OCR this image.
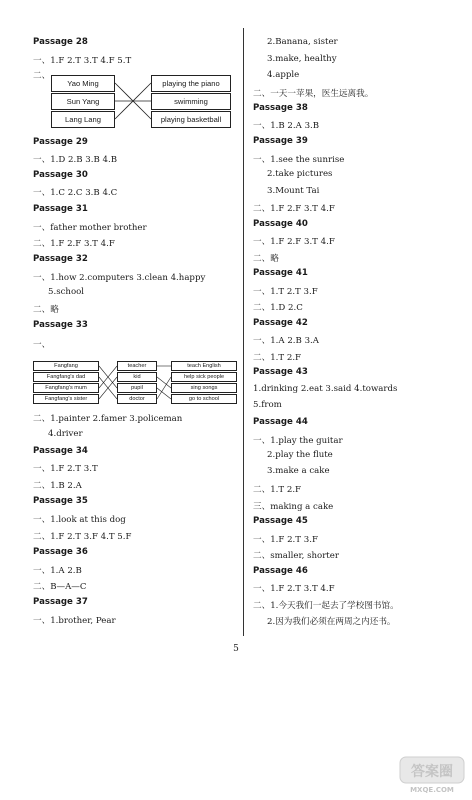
Passage 28
一、1.F 2.T 3.T 4.F 5.T
二、
Yao Ming
Sun Yang
Lang Lang
playing the piano
swimming
playing basketball
Passage 29
一、1.D 2.B 3.B 4.B
Passage 30
一、1.C 2.C 3.B 4.C
Passage 31
一、father mother brother
二、1.F 2.F 3.T 4.F
Passage 32
一、1.how 2.computers 3.clean 4.happy
5.school
二、略
Passage 33
一、
Fangfang
Fangfang's dad
Fangfang's mum
Fangfang's sister
teacher
kid
pupil
doctor
teach English
help sick people
sing songs
go to school
二、1.painter 2.famer 3.policeman
4.driver
Passage 34
一、1.F 2.T 3.T
二、1.B 2.A
Passage 35
一、1.look at this dog
二、1.F 2.T 3.F 4.T 5.F
Passage 36
一、1.A 2.B
二、B—A—C
Passage 37
一、1.brother, Pear
2.Banana, sister
3.make, healthy
4.apple
二、一天一苹果，医生远离我。
Passage 38
一、1.B 2.A 3.B
Passage 39
一、1.see the sunrise
2.take pictures
3.Mount Tai
二、1.F 2.F 3.T 4.F
Passage 40
一、1.F 2.F 3.T 4.F
二、略
Passage 41
一、1.T 2.T 3.F
二、1.D 2.C
Passage 42
一、1.A 2.B 3.A
二、1.T 2.F
Passage 43
1.drinking 2.eat 3.said 4.towards
5.from
Passage 44
一、1.play the guitar
2.play the flute
3.make a cake
二、1.T 2.F
三、making a cake
Passage 45
一、1.F 2.T 3.F
二、smaller, shorter
Passage 46
一、1.F 2.T 3.T 4.F
二、1.今天我们一起去了学校图书馆。
2.因为我们必须在两周之内还书。
5
答案圈
MXQE.COM
